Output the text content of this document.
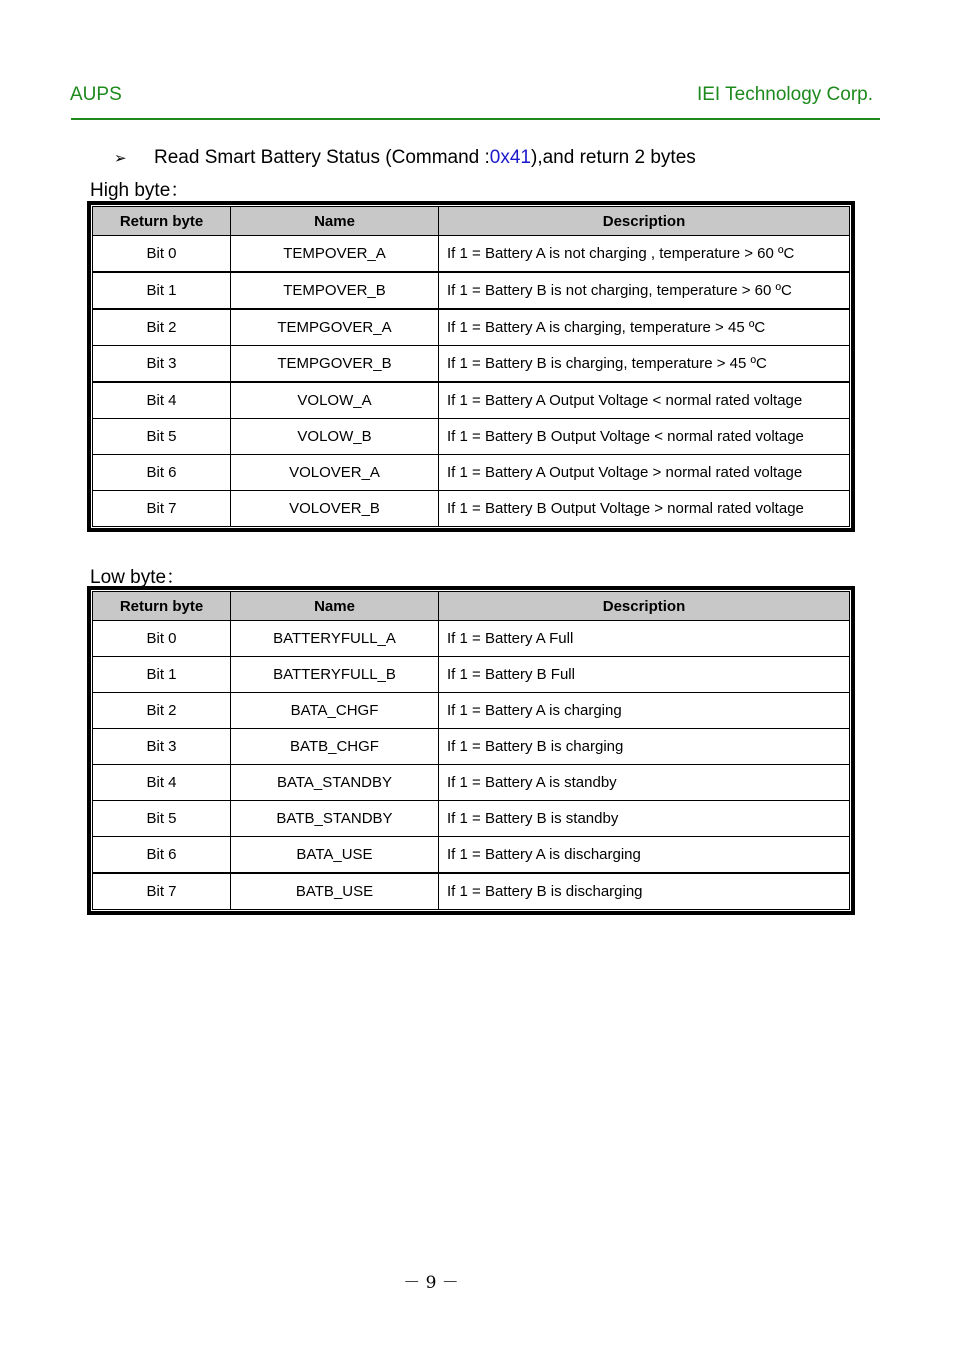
AUPS	IEI Technology Corp.
➢ Read Smart Battery Status (Command :0x41),and return 2 bytes
High byte：
Return byte	Name	Description
Bit 0	TEMPOVER_A	If 1 = Battery A is not charging , temperature > 60 ºC
Bit 1	TEMPOVER_B	If 1 = Battery B is not charging, temperature > 60 ºC
Bit 2	TEMPGOVER_A	If 1 = Battery A is charging, temperature > 45 ºC
Bit 3	TEMPGOVER_B	If 1 = Battery B is charging, temperature > 45 ºC
Bit 4	VOLOW_A	If 1 = Battery A Output Voltage < normal rated voltage
Bit 5	VOLOW_B	If 1 = Battery B Output Voltage < normal rated voltage
Bit 6	VOLOVER_A	If 1 = Battery A Output Voltage > normal rated voltage
Bit 7	VOLOVER_B	If 1 = Battery B Output Voltage > normal rated voltage
Low byte：
Return byte	Name	Description
Bit 0	BATTERYFULL_A	If 1 = Battery A Full
Bit 1	BATTERYFULL_B	If 1 = Battery B Full
Bit 2	BATA_CHGF	If 1 = Battery A is charging
Bit 3	BATB_CHGF	If 1 = Battery B is charging
Bit 4	BATA_STANDBY	If 1 = Battery A is standby
Bit 5	BATB_STANDBY	If 1 = Battery B is standby
Bit 6	BATA_USE	If 1 = Battery A is discharging
Bit 7	BATB_USE	If 1 = Battery B is discharging
－ 9 －
